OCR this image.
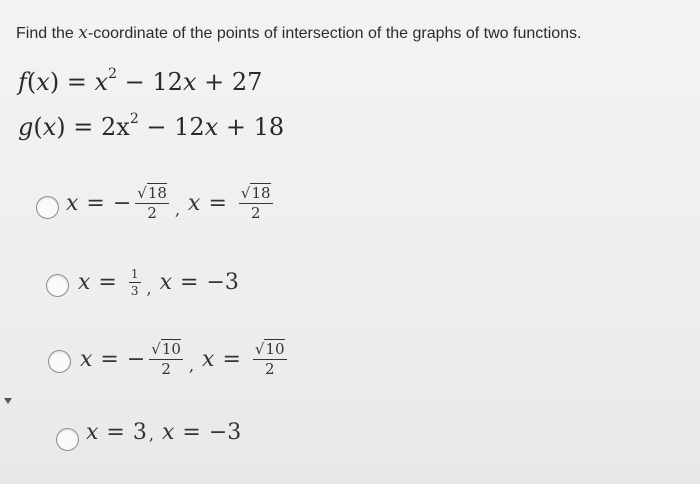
Find the x-coordinate of the points of intersection of the graphs of two functions.
$f(x) = x^2 - 12x + 27$
$g(x) = 2x^2 - 12x + 18$
x = − $\frac{√18}{2}$ , $x = \frac{√18}{2}$
$x = \frac{1}{3}$ , x = −3
x = − $\frac{√10}{2}$ , $x = \frac{√10}{2}$
x = 3 , x = −3
